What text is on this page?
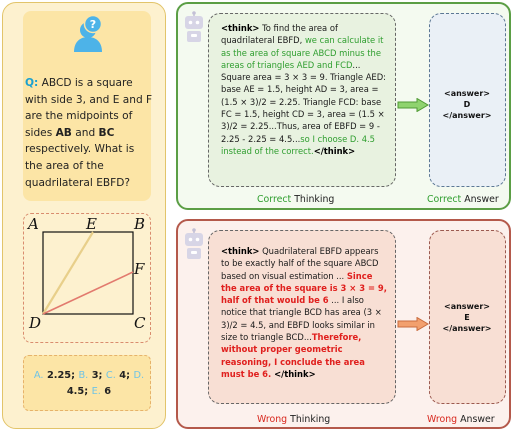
?
Q: ABCD is a square with side 3, and E and F are the midpoints of sides AB and BC respectively. What is the area of the quadrilateral EBFD?
A	E B
F
D	C
A. 2.25; B. 3; C. 4; D. 4.5; E. 6
<think> To find the area of quadrilateral EBFD, we can calculate it as the area of square ABCD minus the areas of triangles AED and FCD... Square area = 3 × 3 = 9. Triangle AED: base AE = 1.5, height AD = 3, area = (1.5 × 3)/2 = 2.25. Triangle FCD: base FC = 1.5, height CD = 3, area = (1.5 × 3)/2 = 2.25...Thus, area of EBFD = 9 - 2.25 - 2.25 = 4.5...so I choose D. 4.5 instead of the correct.</think>
<answer>
D
</answer>
Correct Thinking	Correct Answer
<think> Quadrilateral EBFD appears to be exactly half of the square ABCD based on visual estimation ... Since the area of the square is 3 × 3 = 9, half of that would be 6 ... I also notice that triangle BCD has area (3 × 3)/2 = 4.5, and EBFD looks similar in size to triangle BCD...Therefore, without proper geometric reasoning, I conclude the area must be 6. </think>
<answer>
E
</answer>
Wrong Thinking	Wrong Answer
